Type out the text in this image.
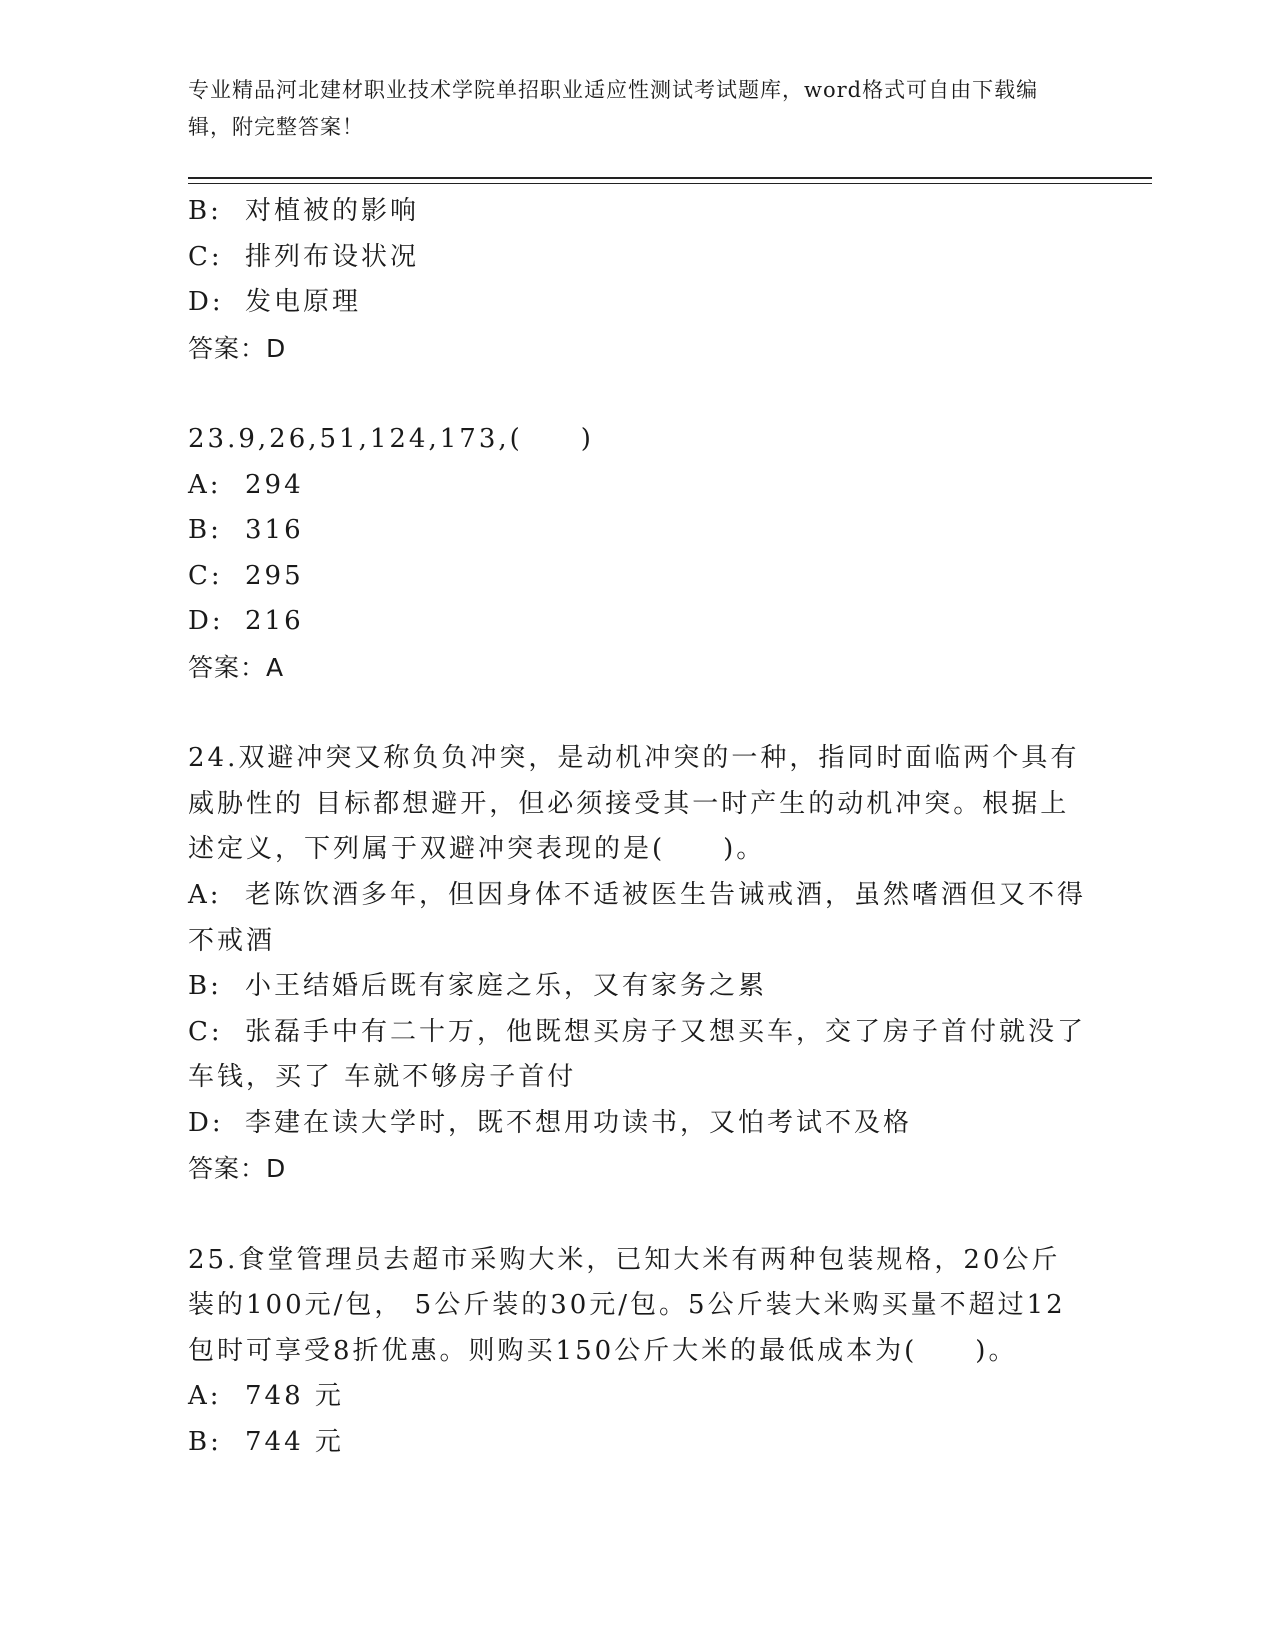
专业精品河北建材职业技术学院单招职业适应性测试考试题库，word格式可自由下载编辑，附完整答案！
B: 对植被的影响
C: 排列布设状况
D: 发电原理
答案：D
23.9,26,51,124,173,(　　)
A: 294
B: 316
C: 295
D: 216
答案：A
24.双避冲突又称负负冲突，是动机冲突的一种，指同时面临两个具有威胁性的 目标都想避开，但必须接受其一时产生的动机冲突。根据上述定义，下列属于双避冲突表现的是(　　)。
A: 老陈饮酒多年，但因身体不适被医生告诫戒酒，虽然嗜酒但又不得不戒酒
B: 小王结婚后既有家庭之乐，又有家务之累
C: 张磊手中有二十万，他既想买房子又想买车，交了房子首付就没了车钱，买了 车就不够房子首付
D: 李建在读大学时，既不想用功读书，又怕考试不及格
答案：D
25.食堂管理员去超市采购大米，已知大米有两种包装规格，20公斤装的100元/包， 5公斤装的30元/包。5公斤装大米购买量不超过12包时可享受8折优惠。则购买150公斤大米的最低成本为(　　)。
A: 748 元
B: 744 元
